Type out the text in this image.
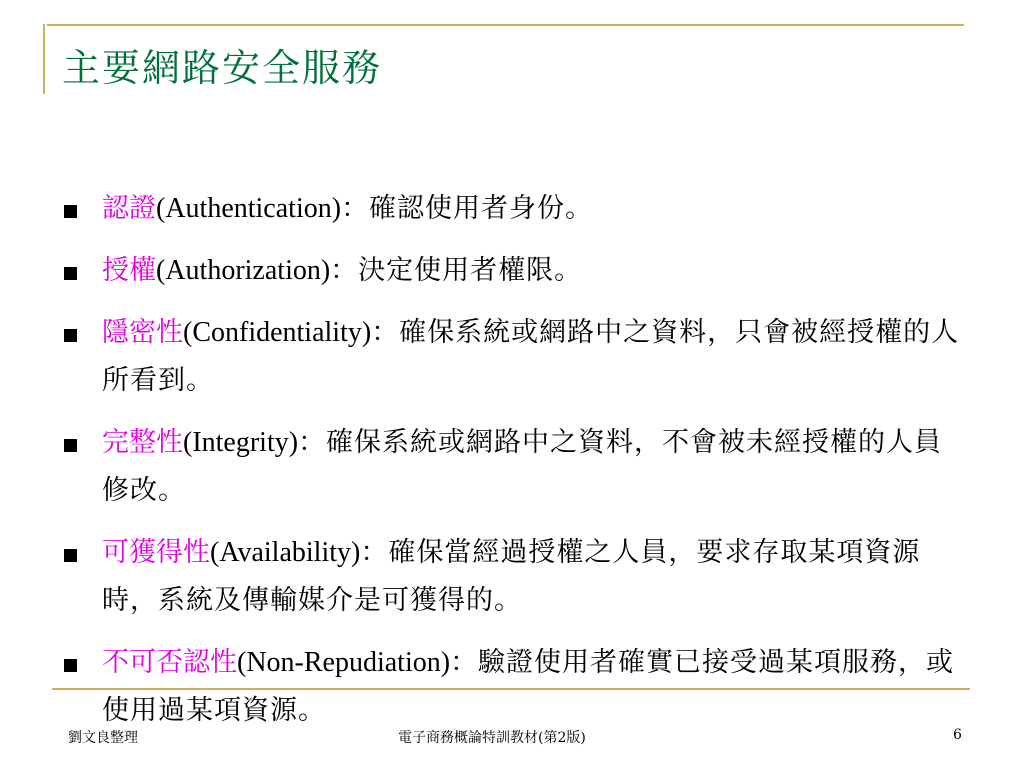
主要網路安全服務
認證(Authentication)：確認使用者身份。
授權(Authorization)：決定使用者權限。
隱密性(Confidentiality)：確保系統或網路中之資料，只會被經授權的人所看到。
完整性(Integrity)：確保系統或網路中之資料，不會被未經授權的人員修改。
可獲得性(Availability)：確保當經過授權之人員，要求存取某項資源時，系統及傳輸媒介是可獲得的。
不可否認性(Non-Repudiation)：驗證使用者確實已接受過某項服務，或使用過某項資源。
劉文良整理	電子商務概論特訓教材(第2版)	6
